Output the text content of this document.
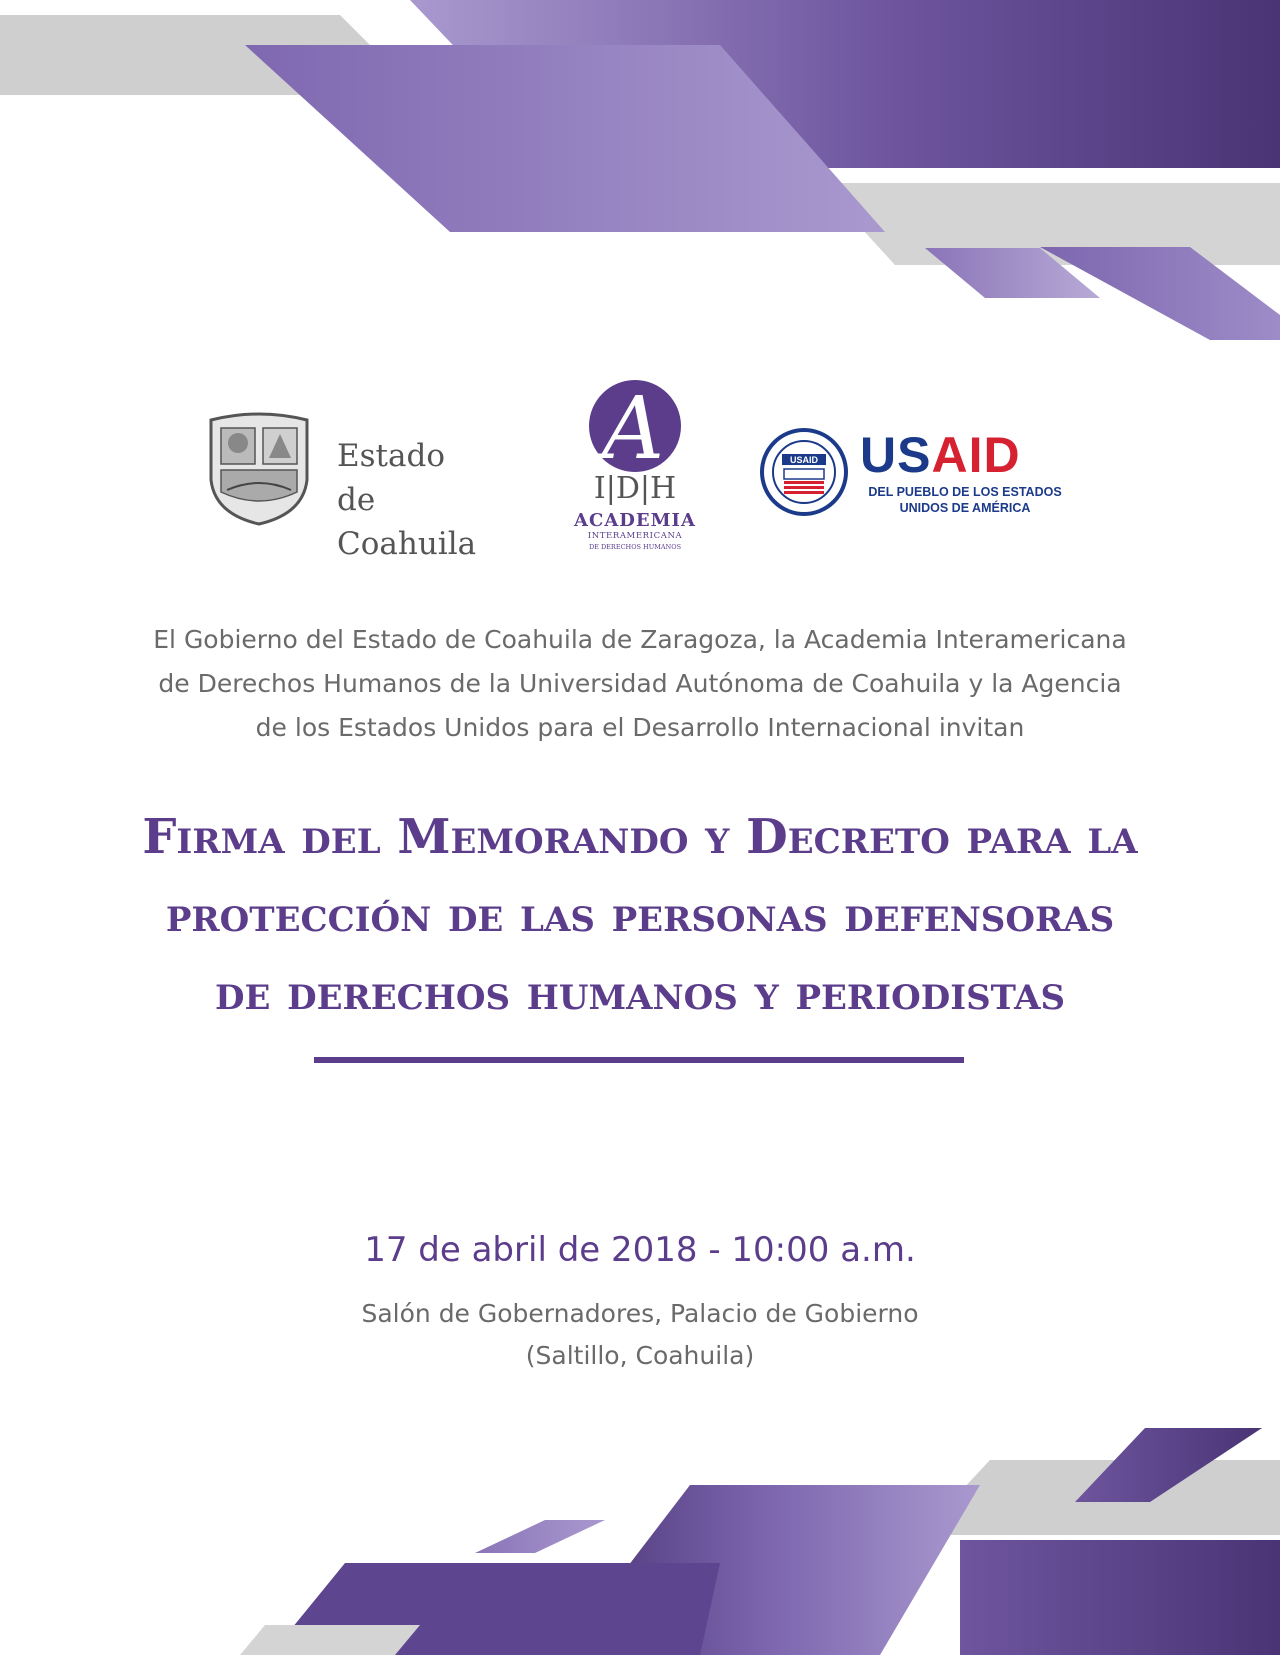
Estado
de Coahuila
A
I|D|H
ACADEMIA
INTERAMERICANA
DE DERECHOS HUMANOS
USAID USAID
DEL PUEBLO DE LOS ESTADOS
UNIDOS DE AMÉRICA
El Gobierno del Estado de Coahuila de Zaragoza, la Academia Interamericana
de Derechos Humanos de la Universidad Autónoma de Coahuila y la Agencia
de los Estados Unidos para el Desarrollo Internacional invitan
Firma del Memorando y Decreto para la
protección de las personas defensoras
de derechos humanos y periodistas
17 de abril de 2018 - 10:00 a.m.
Salón de Gobernadores, Palacio de Gobierno
(Saltillo, Coahuila)
